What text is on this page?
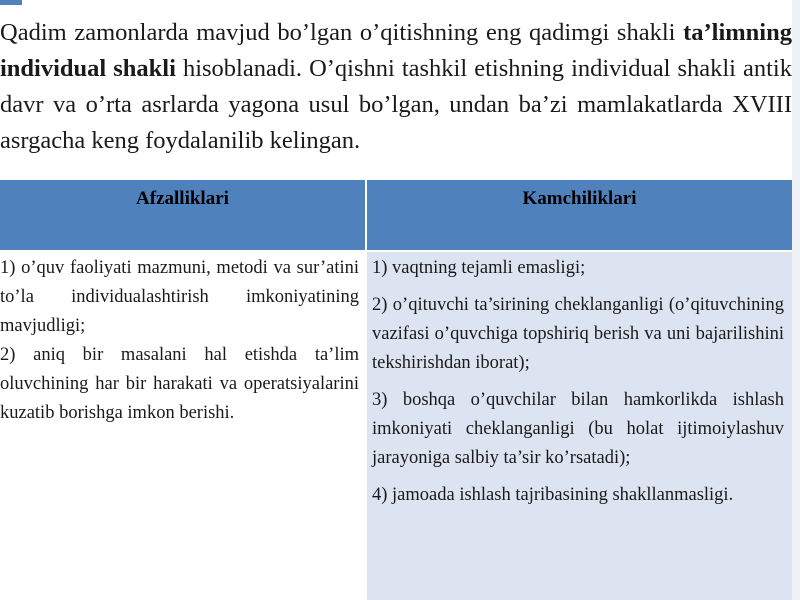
Qadim zamonlarda mavjud bo’lgan o’qitishning eng qadimgi shakli ta’limning individual shakli hisoblanadi. O’qishni tashkil etishning individual shakli antik davr va o’rta asrlarda yagona usul bo’lgan, undan ba’zi mamlakatlarda XVIII asrgacha keng foydalanilib kelingan.

Afzalliklari	Kamchiliklari
1) o’quv faoliyati mazmuni, metodi va sur’atini to’la individualashtirish imkoniyatining mavjudligi;
2) aniq bir masalani hal etishda ta’lim oluvchining har bir harakati va operatsiyalarini kuzatib borishga imkon berishi.
1) vaqtning tejamli emasligi;
2) o’qituvchi ta’sirining cheklanganligi (o’qituvchining vazifasi o’quvchiga topshiriq berish va uni bajarilishini tekshirishdan iborat);
3) boshqa o’quvchilar bilan hamkorlikda ishlash imkoniyati cheklanganligi (bu holat ijtimoiylashuv jarayoniga salbiy ta’sir ko’rsatadi);
4) jamoada ishlash tajribasining shakllanmasligi.
